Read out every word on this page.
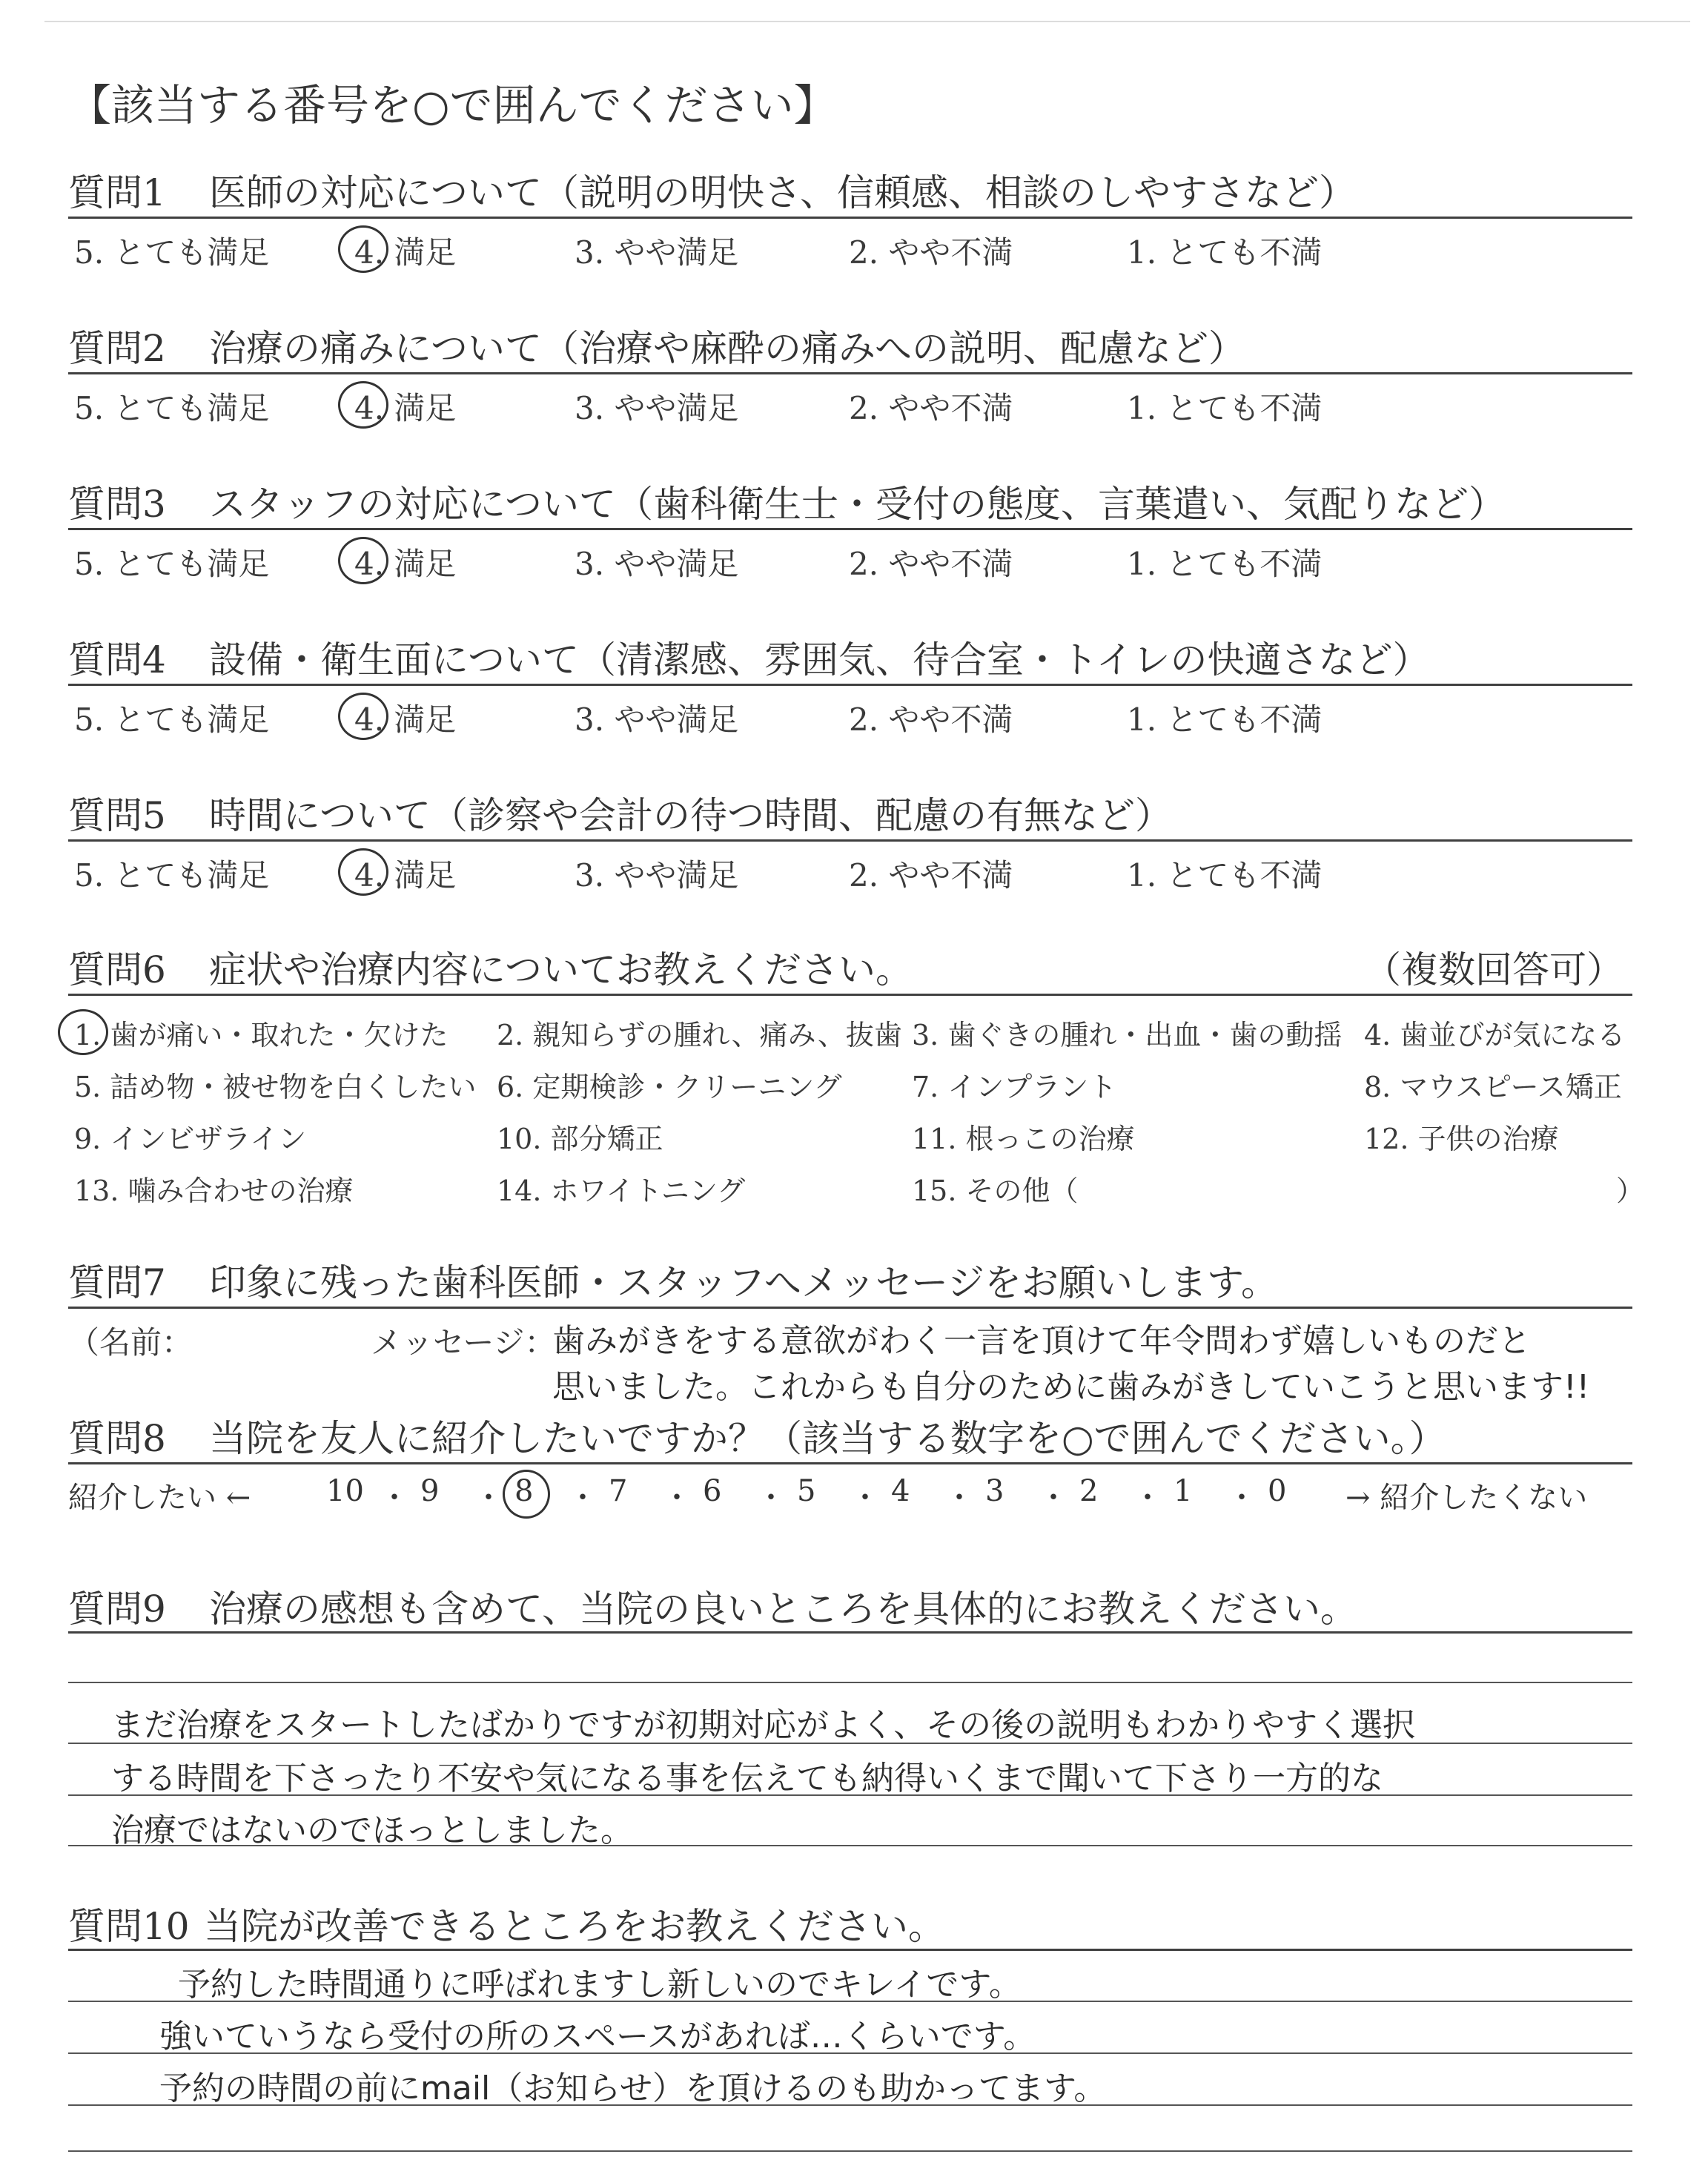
【該当する番号を○で囲んでください】
質問1 医師の対応について（説明の明快さ、信頼感、相談のしやすさなど）
5. とても満足	4. 満足	3. やや満足	2. やや不満	1. とても不満
質問2 治療の痛みについて（治療や麻酔の痛みへの説明、配慮など）
5. とても満足	4. 満足	3. やや満足	2. やや不満	1. とても不満
質問3 スタッフの対応について（歯科衛生士・受付の態度、言葉遣い、気配りなど）
5. とても満足	4. 満足	3. やや満足	2. やや不満	1. とても不満
質問4 設備・衛生面について（清潔感、雰囲気、待合室・トイレの快適さなど）
5. とても満足	4. 満足	3. やや満足	2. やや不満	1. とても不満
質問5 時間について（診察や会計の待つ時間、配慮の有無など）
5. とても満足	4. 満足	3. やや満足	2. やや不満	1. とても不満
質問6 症状や治療内容についてお教えください。	（複数回答可）
1. 歯が痛い・取れた・欠けた 2. 親知らずの腫れ、痛み、抜歯 3. 歯ぐきの腫れ・出血・歯の動揺 4. 歯並びが気になる
5. 詰め物・被せ物を白くしたい 6. 定期検診・クリーニング 7. インプラント	8. マウスピース矯正
9. インビザライン	10. 部分矯正	11. 根っこの治療	12. 子供の治療
13. 噛み合わせの治療	14. ホワイトニング	15. その他（	）
質問7 印象に残った歯科医師・スタッフへメッセージをお願いします。
（名前：	メッセージ：
歯みがきをする意欲がわく一言を頂けて年令問わず嬉しいものだと
思いました。これからも自分のために歯みがきしていこうと思います!!
質問8 当院を友人に紹介したいですか？（該当する数字を○で囲んでください。）
紹介したい ←	→ 紹介したくない
10 ・ 9 ・ 8 ・ 7 ・ 6 ・ 5 ・ 4 ・ 3 ・ 2 ・ 1 ・ 0
質問9 治療の感想も含めて、当院の良いところを具体的にお教えください。
まだ治療をスタートしたばかりですが初期対応がよく、その後の説明もわかりやすく選択
する時間を下さったり不安や気になる事を伝えても納得いくまで聞いて下さり一方的な
治療ではないのでほっとしました。
質問10 当院が改善できるところをお教えください。
予約した時間通りに呼ばれますし新しいのでキレイです。
強いていうなら受付の所のスペースがあれば…くらいです。
予約の時間の前にmail（お知らせ）を頂けるのも助かってます。
